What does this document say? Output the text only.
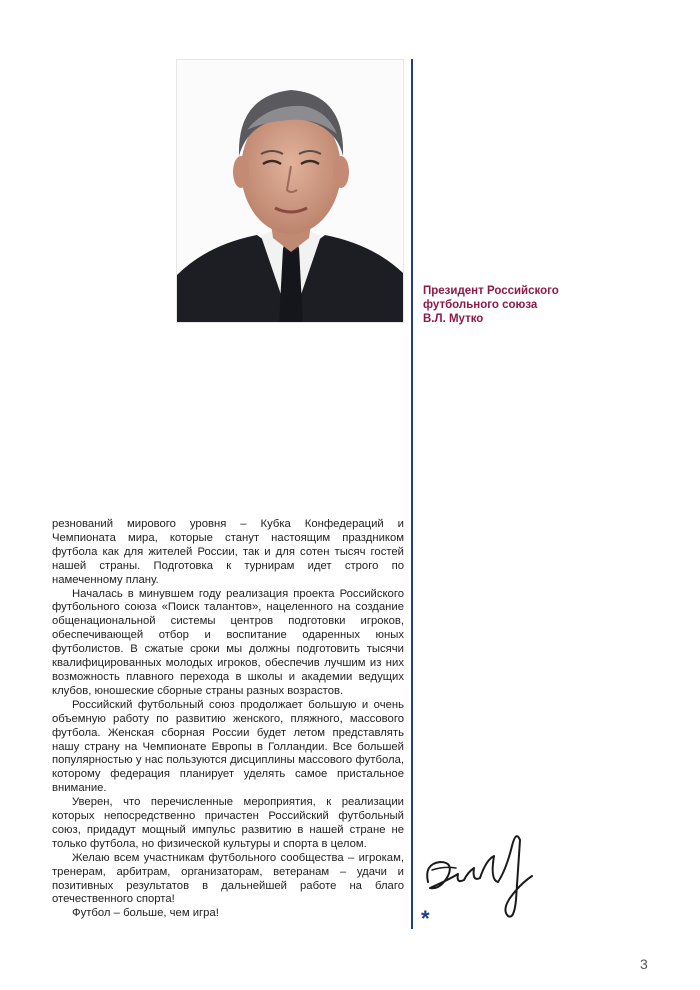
Президент Российского
футбольного союза
В.Л. Мутко

резнований мирового уровня – Кубка Конфедераций и Чемпионата мира, которые станут настоящим праздником футбола как для жителей России, так и для сотен тысяч гостей нашей страны. Подготовка к турнирам идет строго по намеченному плану.

Началась в минувшем году реализация проекта Российского футбольного союза «Поиск талантов», нацеленного на создание общенациональной системы центров подготовки игроков, обеспечивающей отбор и воспитание одаренных юных футболистов. В сжатые сроки мы должны подготовить тысячи квалифицированных молодых игроков, обеспечив лучшим из них возможность плавного перехода в школы и академии ведущих клубов, юношеские сборные страны разных возрастов.

Российский футбольный союз продолжает большую и очень объемную работу по развитию женского, пляжного, массового футбола. Женская сборная России будет летом представлять нашу страну на Чемпионате Европы в Голландии. Все большей популярностью у нас пользуются дисциплины массового футбола, которому федерация планирует уделять самое пристальное внимание.

Уверен, что перечисленные мероприятия, к реализации которых непосредственно причастен Российский футбольный союз, придадут мощный импульс развитию в нашей стране не только футбола, но физической культуры и спорта в целом.

Желаю всем участникам футбольного сообщества – игрокам, тренерам, арбитрам, организаторам, ветеранам – удачи и позитивных результатов в дальнейшей работе на благо отечественного спорта!

Футбол – больше, чем игра!	*
3
